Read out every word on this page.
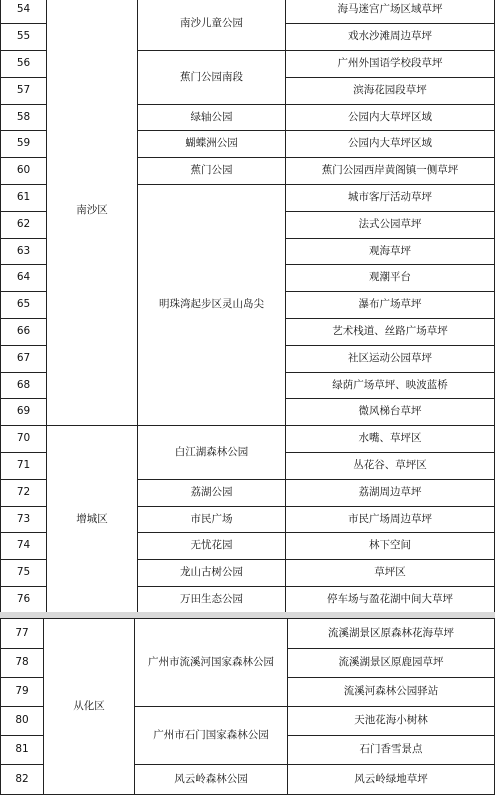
54	南沙区	南沙儿童公园	海马迷宫广场区域草坪
55			戏水沙滩周边草坪
56		蕉门公园南段	广州外国语学校段草坪
57			滨海花园段草坪
58		绿轴公园	公园内大草坪区域
59		蝴蝶洲公园	公园内大草坪区域
60		蕉门公园	蕉门公园西岸黄阁镇一侧草坪
61		明珠湾起步区灵山岛尖	城市客厅活动草坪
62			法式公园草坪
63			观海草坪
64			观潮平台
65			瀑布广场草坪
66			艺术栈道、丝路广场草坪
67			社区运动公园草坪
68			绿荫广场草坪、映波蓝桥
69			微风梯台草坪
70	增城区	白江湖森林公园	水嘴、草坪区
71			丛花谷、草坪区
72		荔湖公园	荔湖周边草坪
73		市民广场	市民广场周边草坪
74		无忧花园	林下空间
75		龙山古树公园	草坪区
76		万田生态公园	停车场与盈花湖中间大草坪
77	从化区	广州市流溪河国家森林公园	流溪湖景区原森林花海草坪
78			流溪湖景区原鹿园草坪
79			流溪河森林公园驿站
80		广州市石门国家森林公园	天池花海小树林
81			石门香雪景点
82		风云岭森林公园	风云岭绿地草坪
